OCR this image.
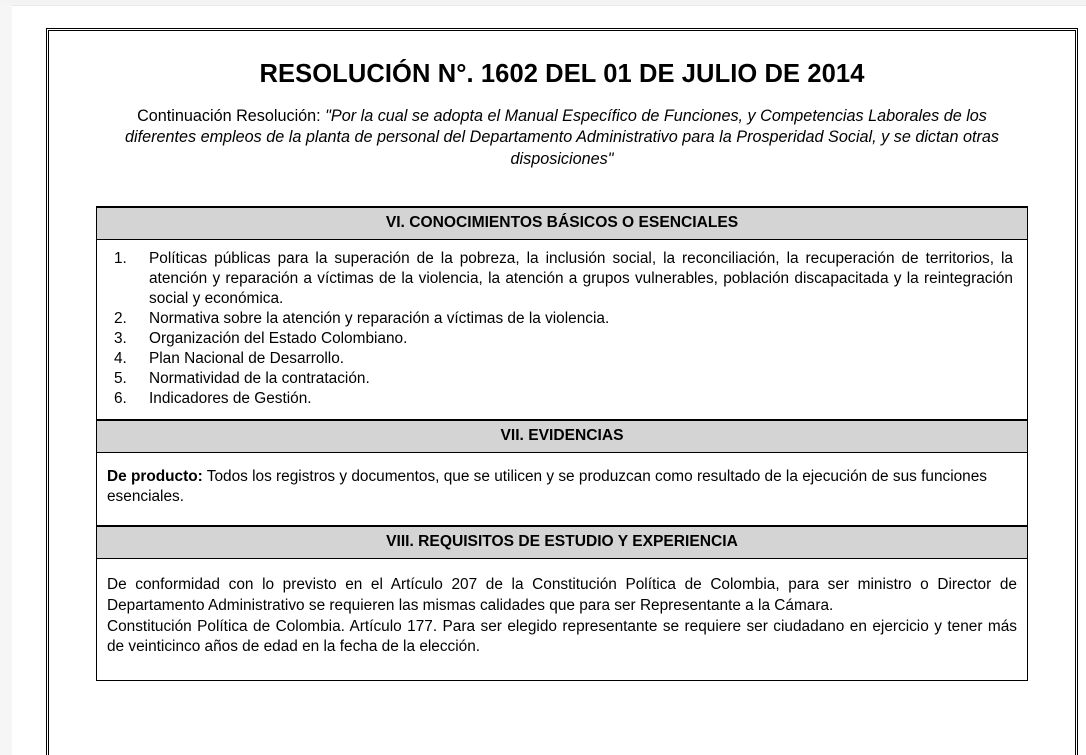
RESOLUCIÓN N°. 1602 DEL 01 DE JULIO DE 2014
Continuación Resolución: "Por la cual se adopta el Manual Específico de Funciones, y Competencias Laborales de los diferentes empleos de la planta de personal del Departamento Administrativo para la Prosperidad Social, y se dictan otras disposiciones"
VI. CONOCIMIENTOS BÁSICOS O ESENCIALES

1.	Políticas públicas para la superación de la pobreza, la inclusión social, la reconciliación, la recuperación de territorios, la atención y reparación a víctimas de la violencia, la atención a grupos vulnerables, población discapacitada y la reintegración social y económica.
2.	Normativa sobre la atención y reparación a víctimas de la violencia.
3.	Organización del Estado Colombiano.
4.	Plan Nacional de Desarrollo.
5.	Normatividad de la contratación.
6.	Indicadores de Gestión.

VII. EVIDENCIAS
De producto: Todos los registros y documentos, que se utilicen y se produzcan como resultado de la ejecución de sus funciones esenciales.
VIII. REQUISITOS DE ESTUDIO Y EXPERIENCIA

De conformidad con lo previsto en el Artículo 207 de la Constitución Política de Colombia, para ser ministro o Director de Departamento Administrativo se requieren las mismas calidades que para ser Representante a la Cámara.

Constitución Política de Colombia. Artículo 177. Para ser elegido representante se requiere ser ciudadano en ejercicio y tener más de veinticinco años de edad en la fecha de la elección.
